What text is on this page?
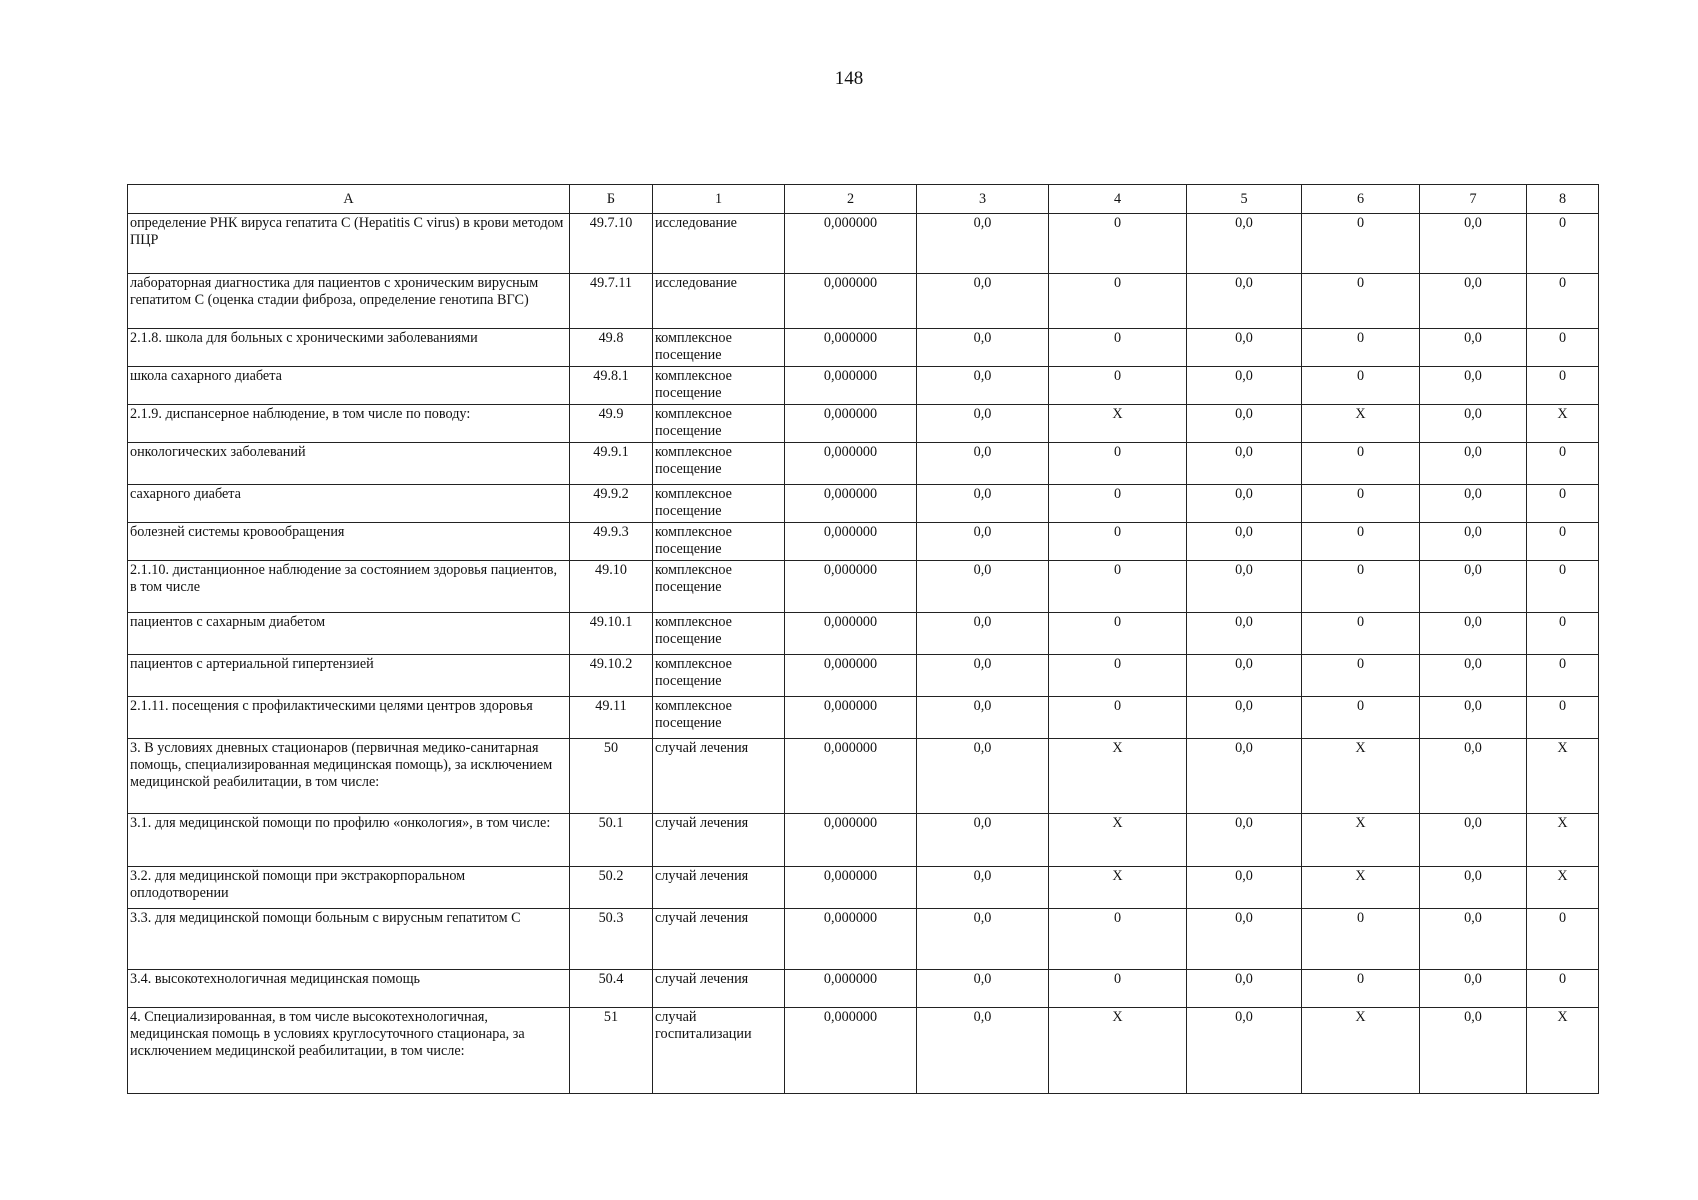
148
А	Б	1	2	3	4	5	6	7	8
определение РНК вируса гепатита С (Hepatitis C virus) в крови методом ПЦР	49.7.10	исследование	0,000000	0,0	0	0,0	0	0,0	0
лабораторная диагностика для пациентов с хроническим вирусным гепатитом С (оценка стадии фиброза, определение генотипа ВГС)	49.7.11	исследование	0,000000	0,0	0	0,0	0	0,0	0
2.1.8. школа для больных с хроническими заболеваниями	49.8	комплексное посещение	0,000000	0,0	0	0,0	0	0,0	0
школа сахарного диабета	49.8.1	комплексное посещение	0,000000	0,0	0	0,0	0	0,0	0
2.1.9. диспансерное наблюдение, в том числе по поводу:	49.9	комплексное посещение	0,000000	0,0	X	0,0	X	0,0	X
онкологических заболеваний	49.9.1	комплексное посещение	0,000000	0,0	0	0,0	0	0,0	0
сахарного диабета	49.9.2	комплексное посещение	0,000000	0,0	0	0,0	0	0,0	0
болезней системы кровообращения	49.9.3	комплексное посещение	0,000000	0,0	0	0,0	0	0,0	0
2.1.10. дистанционное наблюдение за состоянием здоровья пациентов, в том числе	49.10	комплексное посещение	0,000000	0,0	0	0,0	0	0,0	0
пациентов с сахарным диабетом	49.10.1	комплексное посещение	0,000000	0,0	0	0,0	0	0,0	0
пациентов с артериальной гипертензией	49.10.2	комплексное посещение	0,000000	0,0	0	0,0	0	0,0	0
2.1.11. посещения с профилактическими целями центров здоровья	49.11	комплексное посещение	0,000000	0,0	0	0,0	0	0,0	0
3. В условиях дневных стационаров (первичная медико-санитарная помощь, специализированная медицинская помощь), за исключением медицинской реабилитации, в том числе:	50	случай лечения	0,000000	0,0	X	0,0	X	0,0	X
3.1. для медицинской помощи по профилю «онкология», в том числе:	50.1	случай лечения	0,000000	0,0	X	0,0	X	0,0	X
3.2. для медицинской помощи при экстракорпоральном оплодотворении	50.2	случай лечения	0,000000	0,0	X	0,0	X	0,0	X
3.3. для медицинской помощи больным с вирусным гепатитом С	50.3	случай лечения	0,000000	0,0	0	0,0	0	0,0	0
3.4. высокотехнологичная медицинская помощь	50.4	случай лечения	0,000000	0,0	0	0,0	0	0,0	0
4. Специализированная, в том числе высокотехнологичная, медицинская помощь в условиях круглосуточного стационара, за исключением медицинской реабилитации, в том числе:	51	случай госпитализации	0,000000	0,0	X	0,0	X	0,0	X
